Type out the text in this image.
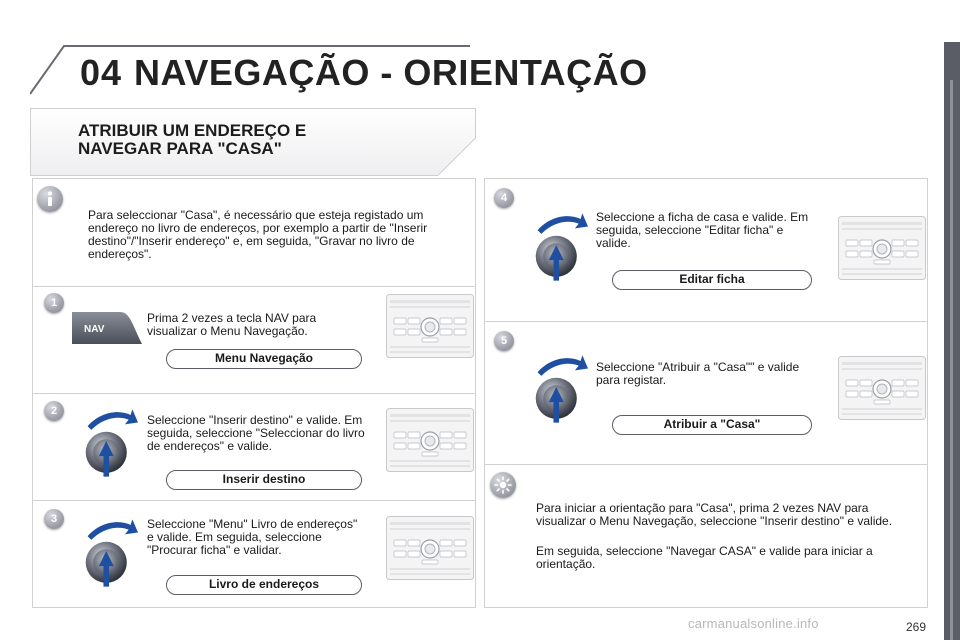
04 NAVEGAÇÃO - ORIENTAÇÃO
ATRIBUIR UM ENDEREÇO E
NAVEGAR PARA "CASA"
Para seleccionar "Casa", é necessário que esteja registado um endereço no livro de endereços, por exemplo a partir de "Inserir destino"/"Inserir endereço" e, em seguida, "Gravar no livro de endereços".
1
NAV
Prima 2 vezes a tecla NAV para visualizar o Menu Navegação.
Menu Navegação
2
Seleccione "Inserir destino" e valide. Em seguida, seleccione "Seleccionar do livro de endereços" e valide.
Inserir destino
3	Seleccione "Menu" Livro de endereços" e valide. Em seguida, seleccione "Procurar ficha" e validar.
Livro de endereços
4
Seleccione a ficha de casa e valide. Em seguida, seleccione "Editar ficha" e valide.
Editar ficha
5
Seleccione "Atribuir a "Casa"" e valide para registar.
Atribuir a "Casa"
Para iniciar a orientação para "Casa", prima 2 vezes NAV para visualizar o Menu Navegação, seleccione "Inserir destino" e valide.
Em seguida, seleccione "Navegar CASA" e valide para iniciar a orientação.
carmanualsonline.info	269
